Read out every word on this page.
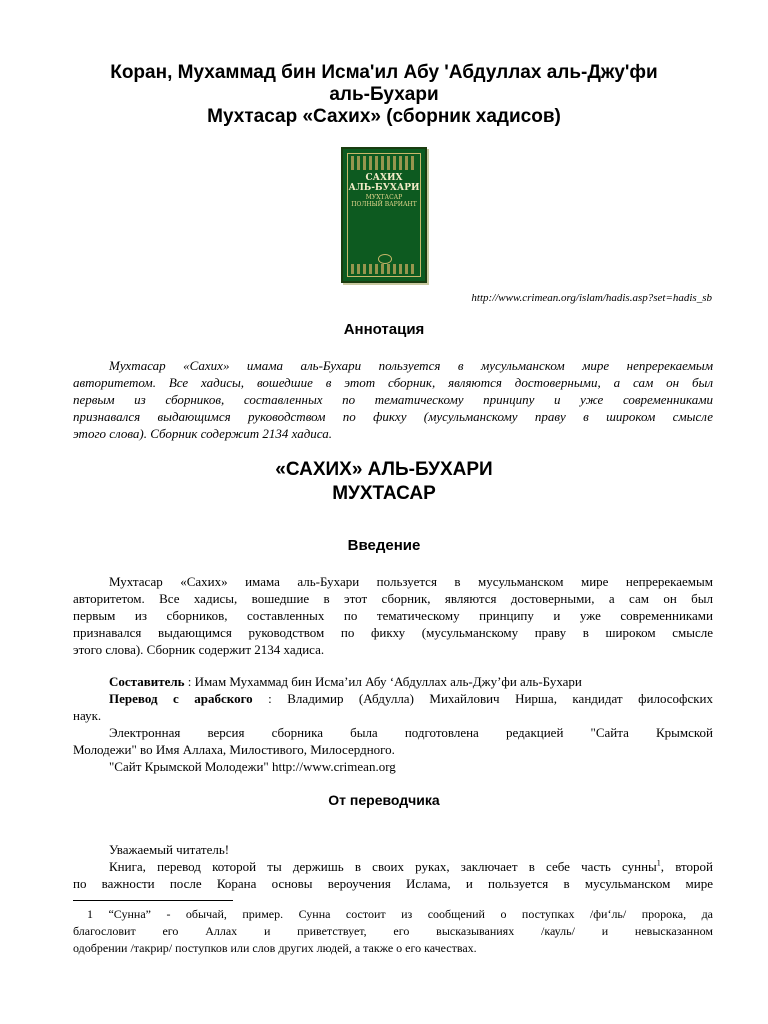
Коран, Мухаммад бин Исма'ил Абу 'Абдуллах аль-Джу'фи
аль-Бухари
Мухтасар «Сахих» (сборник хадисов)
САХИХ
АЛЬ-БУХАРИ
МУХТАСАР
ПОЛНЫЙ ВАРИАНТ
http://www.crimean.org/islam/hadis.asp?set=hadis_sb
Аннотация
Мухтасар «Сахих» имама аль-Бухари пользуется в мусульманском мире непререкаемым
авторитетом. Все хадисы, вошедшие в этот сборник, являются достоверными, а сам он был
первым из сборников, составленных по тематическому принципу и уже современниками
признавался выдающимся руководством по фикху (мусульманскому праву в широком смысле
этого слова). Сборник содержит 2134 хадиса.
«САХИХ» АЛЬ-БУХАРИ
МУХТАСАР
Введение
Мухтасар «Сахих» имама аль-Бухари пользуется в мусульманском мире непререкаемым
авторитетом. Все хадисы, вошедшие в этот сборник, являются достоверными, а сам он был
первым из сборников, составленных по тематическому принципу и уже современниками
признавался выдающимся руководством по фикху (мусульманскому праву в широком смысле
этого слова). Сборник содержит 2134 хадиса.
Составитель : Имам Мухаммад бин Исма’ил Абу ‘Абдуллах аль-Джу’фи аль-Бухари
Перевод с арабского : Владимир (Абдулла) Михайлович Ниршa, кандидат философских
наук.
Электронная версия сборника была подготовлена редакцией "Сайта Крымской
Молодежи" во Имя Аллаха, Милостивого, Милосердного.
"Сайт Крымской Молодежи" http://www.crimean.org
От переводчика
Уважаемый читатель!
Книга, перевод которой ты держишь в своих руках, заключает в себе часть сунны$^1$, второй
по важности после Корана основы вероучения Ислама, и пользуется в мусульманском мире
1 “Сунна” - обычай, пример. Сунна состоит из сообщений о поступках /фи‘ль/ пророка, да
благословит его Аллах и приветствует, его высказываниях /кауль/ и невысказанном
одобрении /такрир/ поступков или слов других людей, а также о его качествах.
